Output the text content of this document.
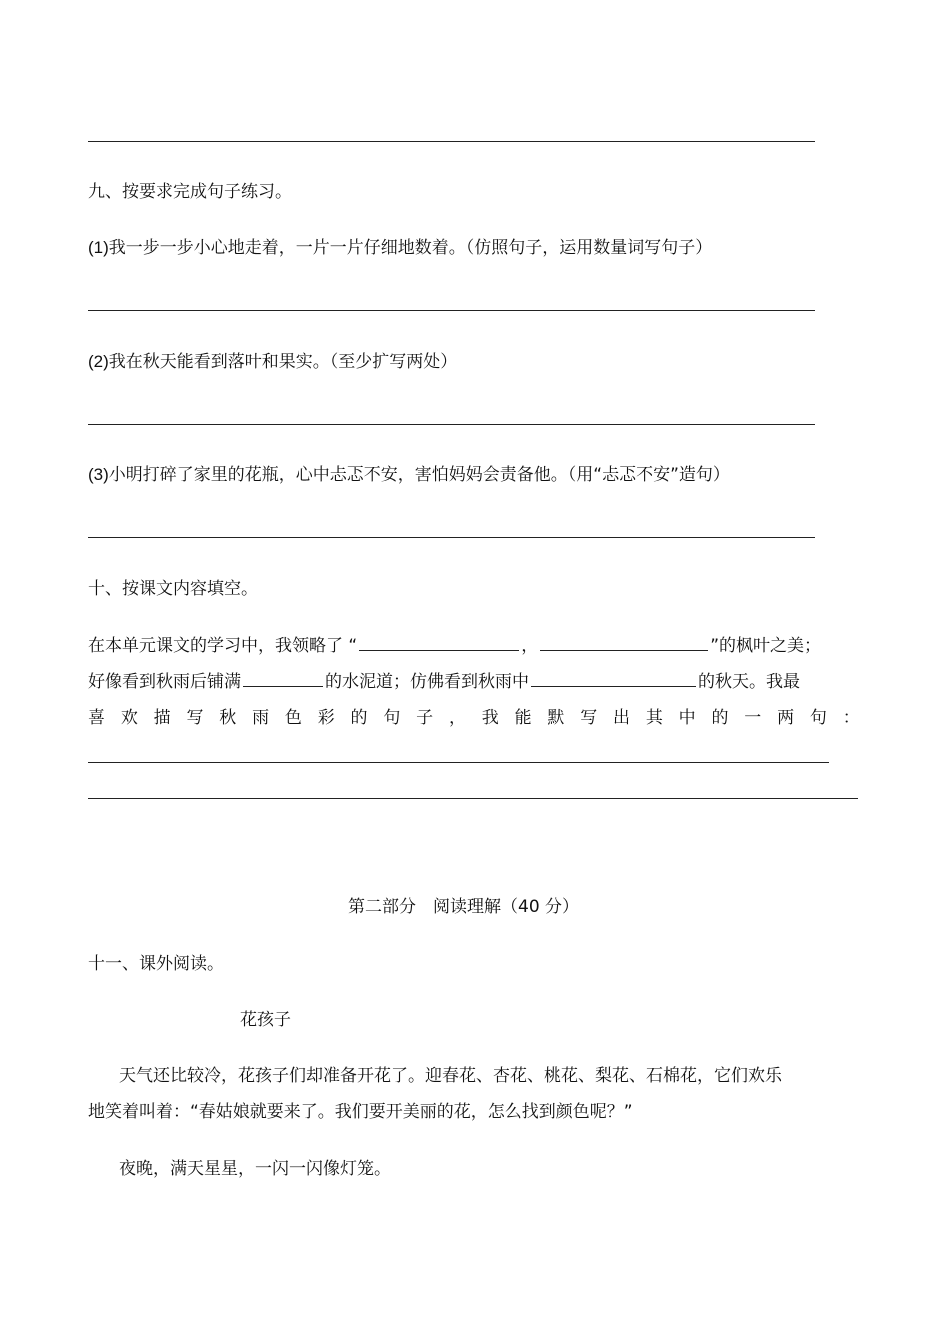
九、按要求完成句子练习。
(1)我一步一步小心地走着，一片一片仔细地数着。（仿照句子，运用数量词写句子）
(2)我在秋天能看到落叶和果实。（至少扩写两处）
(3)小明打碎了家里的花瓶，心中忐忑不安，害怕妈妈会责备他。（用“忐忑不安”造句）
十、按课文内容填空。
在本单元课文的学习中，我领略了 “	，	”的枫叶之美；
好像看到秋雨后铺满	的水泥道；仿佛看到秋雨中	的秋天。我最
喜 欢 描 写 秋 雨 色 彩 的 句 子 ， 我 能 默 写 出 其 中 的 一 两 句 ：
第二部分　阅读理解（40 分）
十一、课外阅读。
花孩子
天气还比较冷，花孩子们却准备开花了。迎春花、杏花、桃花、梨花、石棉花，它们欢乐
地笑着叫着：“春姑娘就要来了。我们要开美丽的花，怎么找到颜色呢？”
夜晚，满天星星，一闪一闪像灯笼。
